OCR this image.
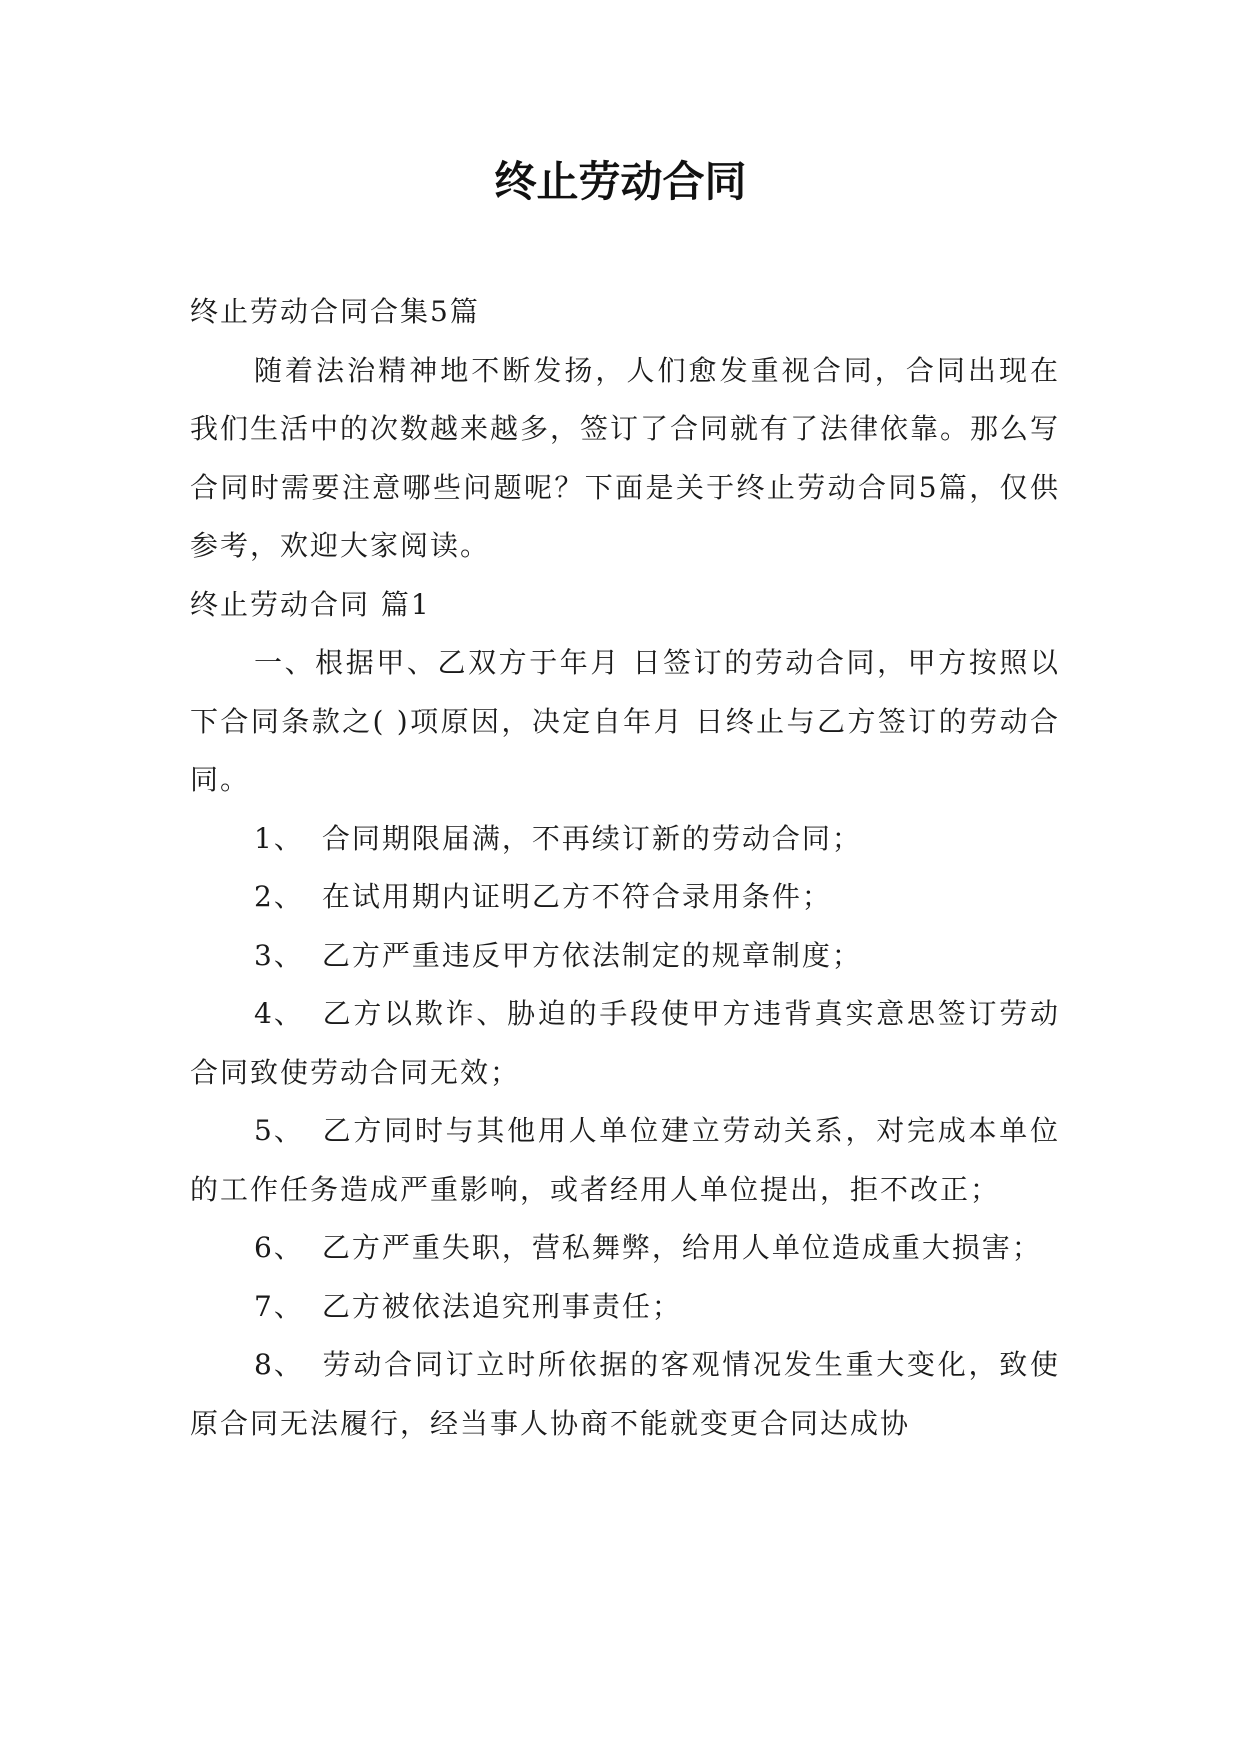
终止劳动合同

终止劳动合同合集5篇

随着法治精神地不断发扬，人们愈发重视合同，合同出现在我们生活中的次数越来越多，签订了合同就有了法律依靠。那么写合同时需要注意哪些问题呢？下面是关于终止劳动合同5篇，仅供参考，欢迎大家阅读。

终止劳动合同 篇1

一、根据甲、乙双方于年月 日签订的劳动合同，甲方按照以下合同条款之( )项原因，决定自年月 日终止与乙方签订的劳动合同。

1、 合同期限届满，不再续订新的劳动合同；

2、 在试用期内证明乙方不符合录用条件；

3、 乙方严重违反甲方依法制定的规章制度；

4、 乙方以欺诈、胁迫的手段使甲方违背真实意思签订劳动合同致使劳动合同无效；

5、 乙方同时与其他用人单位建立劳动关系，对完成本单位的工作任务造成严重影响，或者经用人单位提出，拒不改正；

6、 乙方严重失职，营私舞弊，给用人单位造成重大损害；

7、 乙方被依法追究刑事责任；

8、 劳动合同订立时所依据的客观情况发生重大变化，致使原合同无法履行，经当事人协商不能就变更合同达成协
